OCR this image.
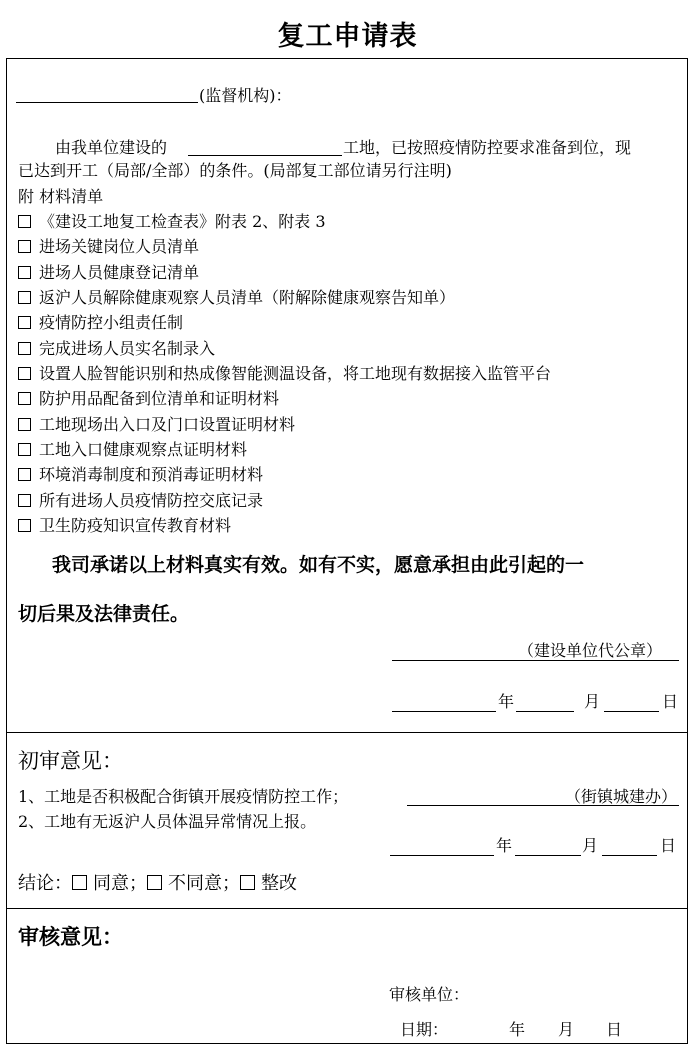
复工申请表
(监督机构)：
由我单位建设的	工地，已按照疫情防控要求准备到位，现
已达到开工（局部/全部）的条件。(局部复工部位请另行注明)
附 材料清单
《建设工地复工检查表》附表 2、附表 3
进场关键岗位人员清单
进场人员健康登记清单
返沪人员解除健康观察人员清单（附解除健康观察告知单）
疫情防控小组责任制
完成进场人员实名制录入
设置人脸智能识别和热成像智能测温设备，将工地现有数据接入监管平台
防护用品配备到位清单和证明材料
工地现场出入口及门口设置证明材料
工地入口健康观察点证明材料
环境消毒制度和预消毒证明材料
所有进场人员疫情防控交底记录
卫生防疫知识宣传教育材料
我司承诺以上材料真实有效。如有不实，愿意承担由此引起的一
切后果及法律责任。
（建设单位代公章）
年	月	日
初审意见：
1、工地是否积极配合街镇开展疫情防控工作；	（街镇城建办）
2、工地有无返沪人员体温异常情况上报。
年	月	日
结论： 同意； 不同意； 整改
审核意见：
审核单位：
日期：	年 月 日
